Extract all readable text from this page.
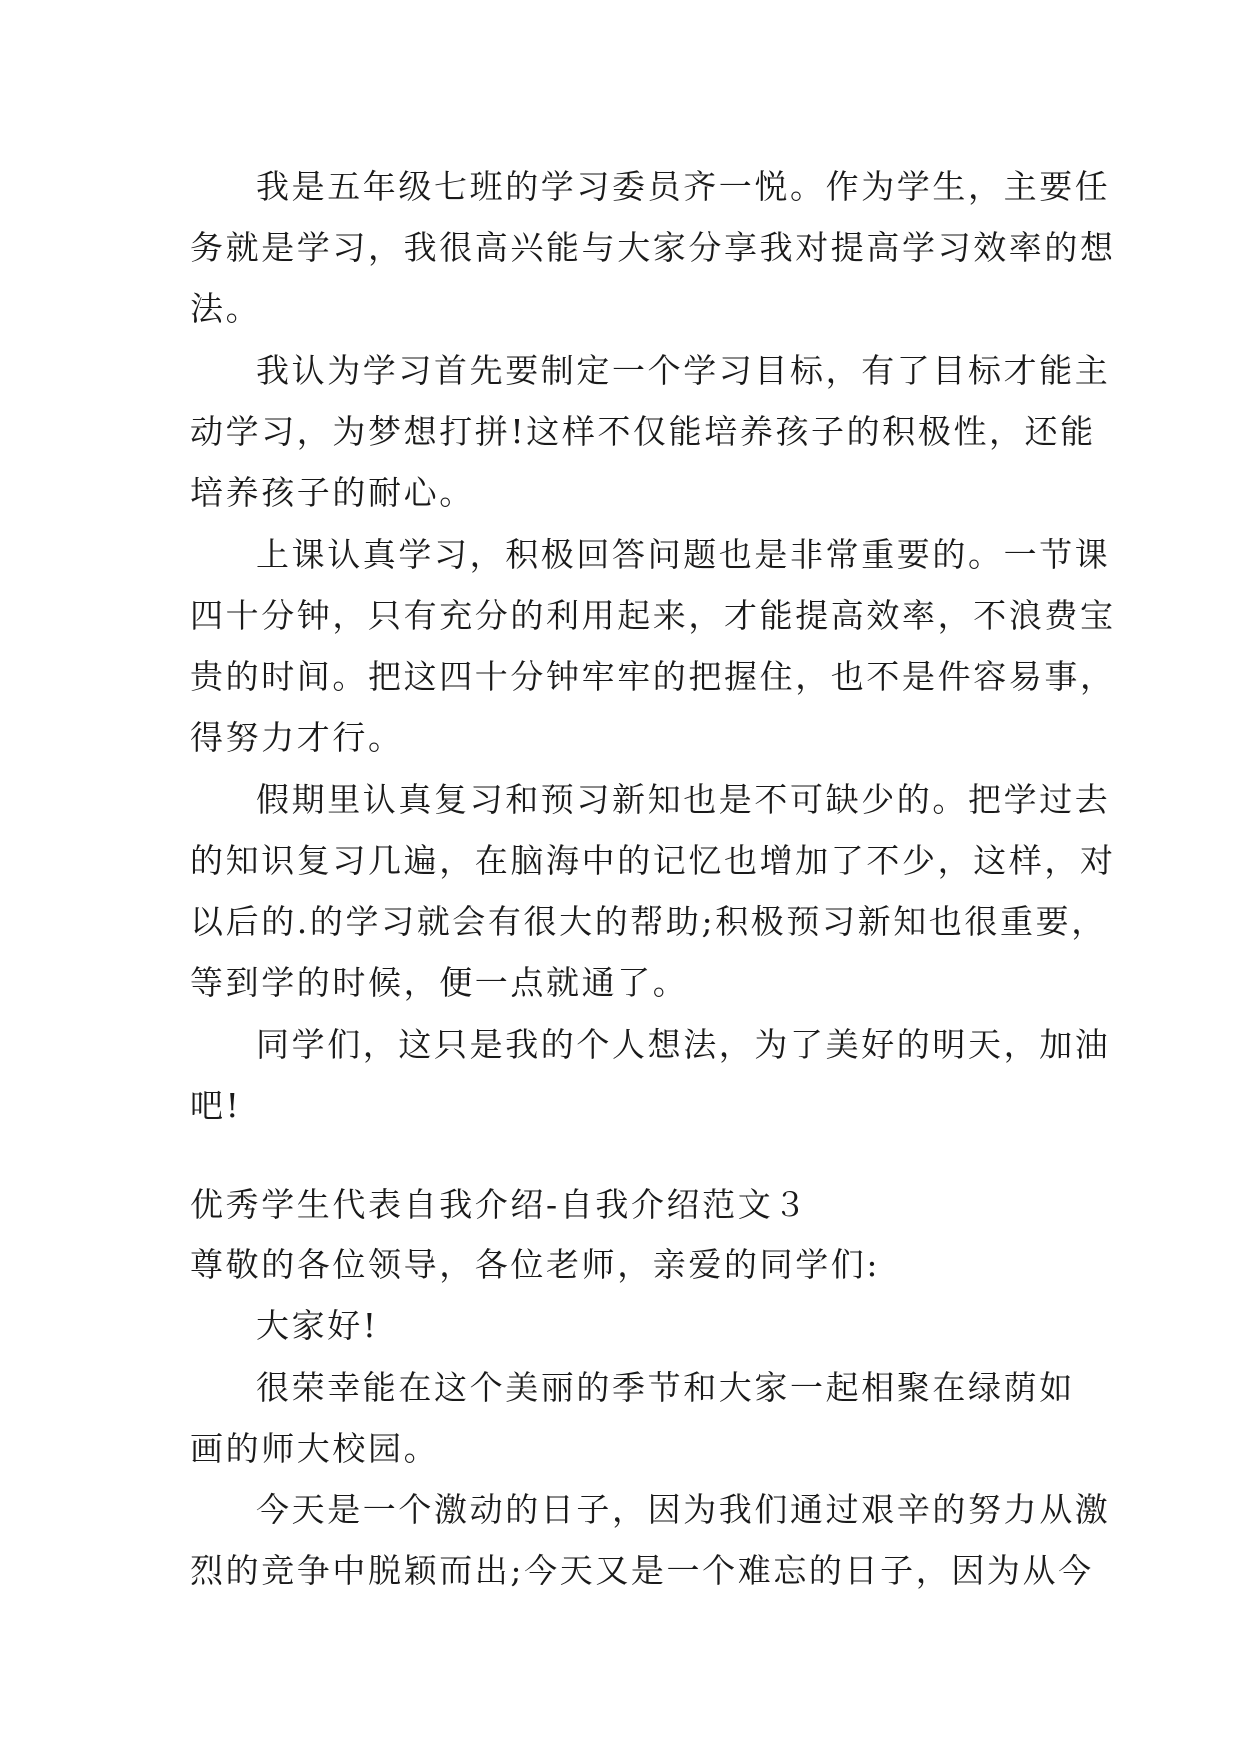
我是五年级七班的学习委员齐一悦。作为学生，主要任
务就是学习，我很高兴能与大家分享我对提高学习效率的想
法。
我认为学习首先要制定一个学习目标，有了目标才能主
动学习，为梦想打拼!这样不仅能培养孩子的积极性，还能
培养孩子的耐心。
上课认真学习，积极回答问题也是非常重要的。一节课
四十分钟，只有充分的利用起来，才能提高效率，不浪费宝
贵的时间。把这四十分钟牢牢的把握住，也不是件容易事，
得努力才行。
假期里认真复习和预习新知也是不可缺少的。把学过去
的知识复习几遍，在脑海中的记忆也增加了不少，这样，对
以后的.的学习就会有很大的帮助;积极预习新知也很重要，
等到学的时候，便一点就通了。
同学们，这只是我的个人想法，为了美好的明天，加油
吧!
优秀学生代表自我介绍-自我介绍范文３
尊敬的各位领导，各位老师，亲爱的同学们:
大家好!
很荣幸能在这个美丽的季节和大家一起相聚在绿荫如
画的师大校园。
今天是一个激动的日子，因为我们通过艰辛的努力从激
烈的竞争中脱颖而出;今天又是一个难忘的日子，因为从今
